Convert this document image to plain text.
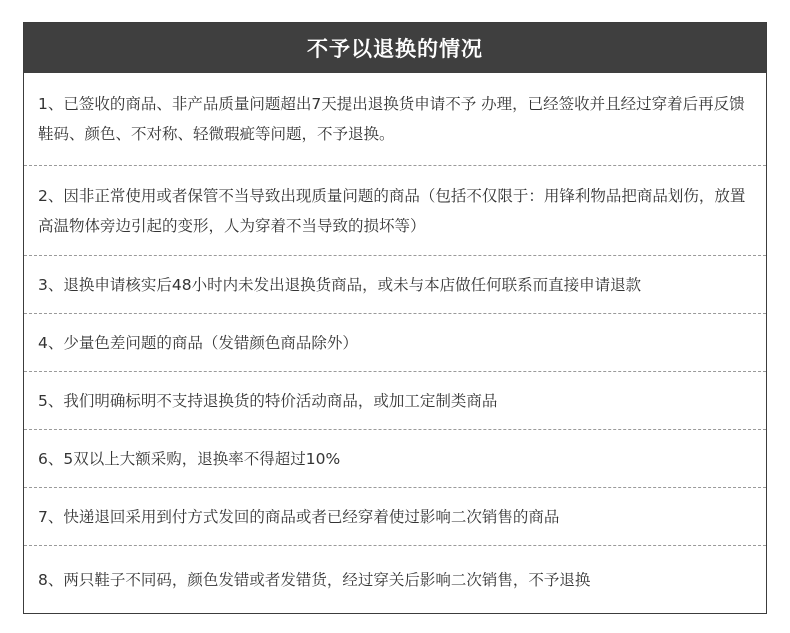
不予以退换的情况
1、已签收的商品、非产品质量问题超出7天提出退换货申请不予 办理，已经签收并且经过穿着后再反馈鞋码、颜色、不对称、轻微瑕疵等问题，不予退换。
2、因非正常使用或者保管不当导致出现质量问题的商品（包括不仅限于：用锋利物品把商品划伤，放置高温物体旁边引起的变形，人为穿着不当导致的损坏等）
3、退换申请核实后48小时内未发出退换货商品，或未与本店做任何联系而直接申请退款
4、少量色差问题的商品（发错颜色商品除外）
5、我们明确标明不支持退换货的特价活动商品，或加工定制类商品
6、5双以上大额采购，退换率不得超过10%
7、快递退回采用到付方式发回的商品或者已经穿着使过影响二次销售的商品
8、两只鞋子不同码，颜色发错或者发错货，经过穿关后影响二次销售，不予退换
